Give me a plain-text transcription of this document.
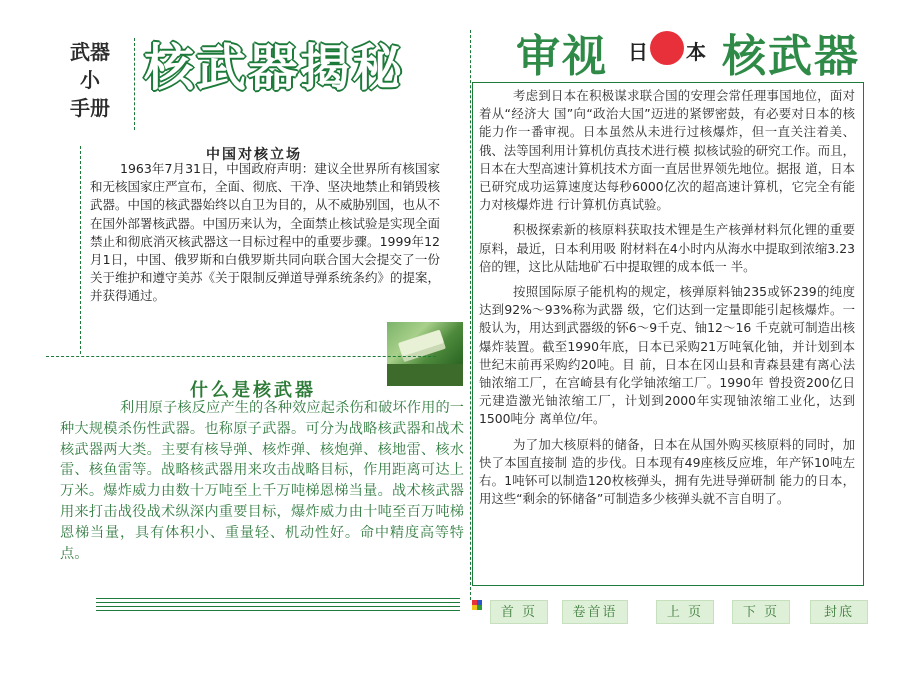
武器
小
手册
核武器揭秘
中国对核立场
1963年7月31日，中国政府声明：建议全世界所有核国家和无核国家庄严宣布，全面、彻底、干净、坚决地禁止和销毁核武器。中国的核武器始终以自卫为目的，从不威胁别国，也从不在国外部署核武器。中国历来认为，全面禁止核试验是实现全面禁止和彻底消灭核武器这一目标过程中的重要步骤。1999年12月1日，中国、俄罗斯和白俄罗斯共同向联合国大会提交了一份关于维护和遵守美苏《关于限制反弹道导弹系统条约》的提案，并获得通过。
什么是核武器
利用原子核反应产生的各种效应起杀伤和破坏作用的一种大规模杀伤性武器。也称原子武器。可分为战略核武器和战术核武器两大类。主要有核导弹、核炸弹、核炮弹、核地雷、核水雷、核鱼雷等。战略核武器用来攻击战略目标，作用距离可达上万米。爆炸威力由数十万吨至上千万吨梯恩梯当量。战术核武器用来打击战役战术纵深内重要目标，爆炸威力由十吨至百万吨梯恩梯当量，具有体积小、重量轻、机动性好。命中精度高等特点。
审视 日 本 核武器

考虑到日本在积极谋求联合国的安理会常任理事国地位，面对着从“经济大 国”向“政治大国”迈进的紧锣密鼓，有必要对日本的核能力作一番审视。日本虽然从未进行过核爆炸，但一直关注着美、俄、法等国利用计算机仿真技术进行模 拟核试验的研究工作。而且，日本在大型高速计算机技术方面一直居世界领先地位。据报 道，日本已研究成功运算速度达每秒6000亿次的超高速计算机，它完全有能力对核爆炸进 行计算机仿真试验。

积极探索新的核原料获取技术锂是生产核弹材料氘化锂的重要原料，最近，日本利用吸 附材料在4小时内从海水中提取到浓缩3.23倍的锂，这比从陆地矿石中提取锂的成本低一 半。

按照国际原子能机构的规定，核弹原料铀235或钚239的纯度达到92%～93%称为武器 级，它们达到一定量即能引起核爆炸。一般认为，用达到武器级的钚6～9千克、铀12～16 千克就可制造出核爆炸装置。截至1990年底，日本已采购21万吨氧化铀，并计划到本世纪末前再采购约20吨。目 前，日本在冈山县和青森县建有离心法铀浓缩工厂，在宫崎县有化学铀浓缩工厂。1990年 曾投资200亿日元建造激光铀浓缩工厂，计划到2000年实现铀浓缩工业化，达到1500吨分 离单位/年。

为了加大核原料的储备，日本在从国外购买核原料的同时，加快了本国直接制 造的步伐。日本现有49座核反应堆，年产钚10吨左右。1吨钚可以制造120枚核弹头，拥有先进导弹研制 能力的日本，用这些“剩余的钚储备”可制造多少核弹头就不言自明了。

首 页	卷首语	上 页	下 页	封底
